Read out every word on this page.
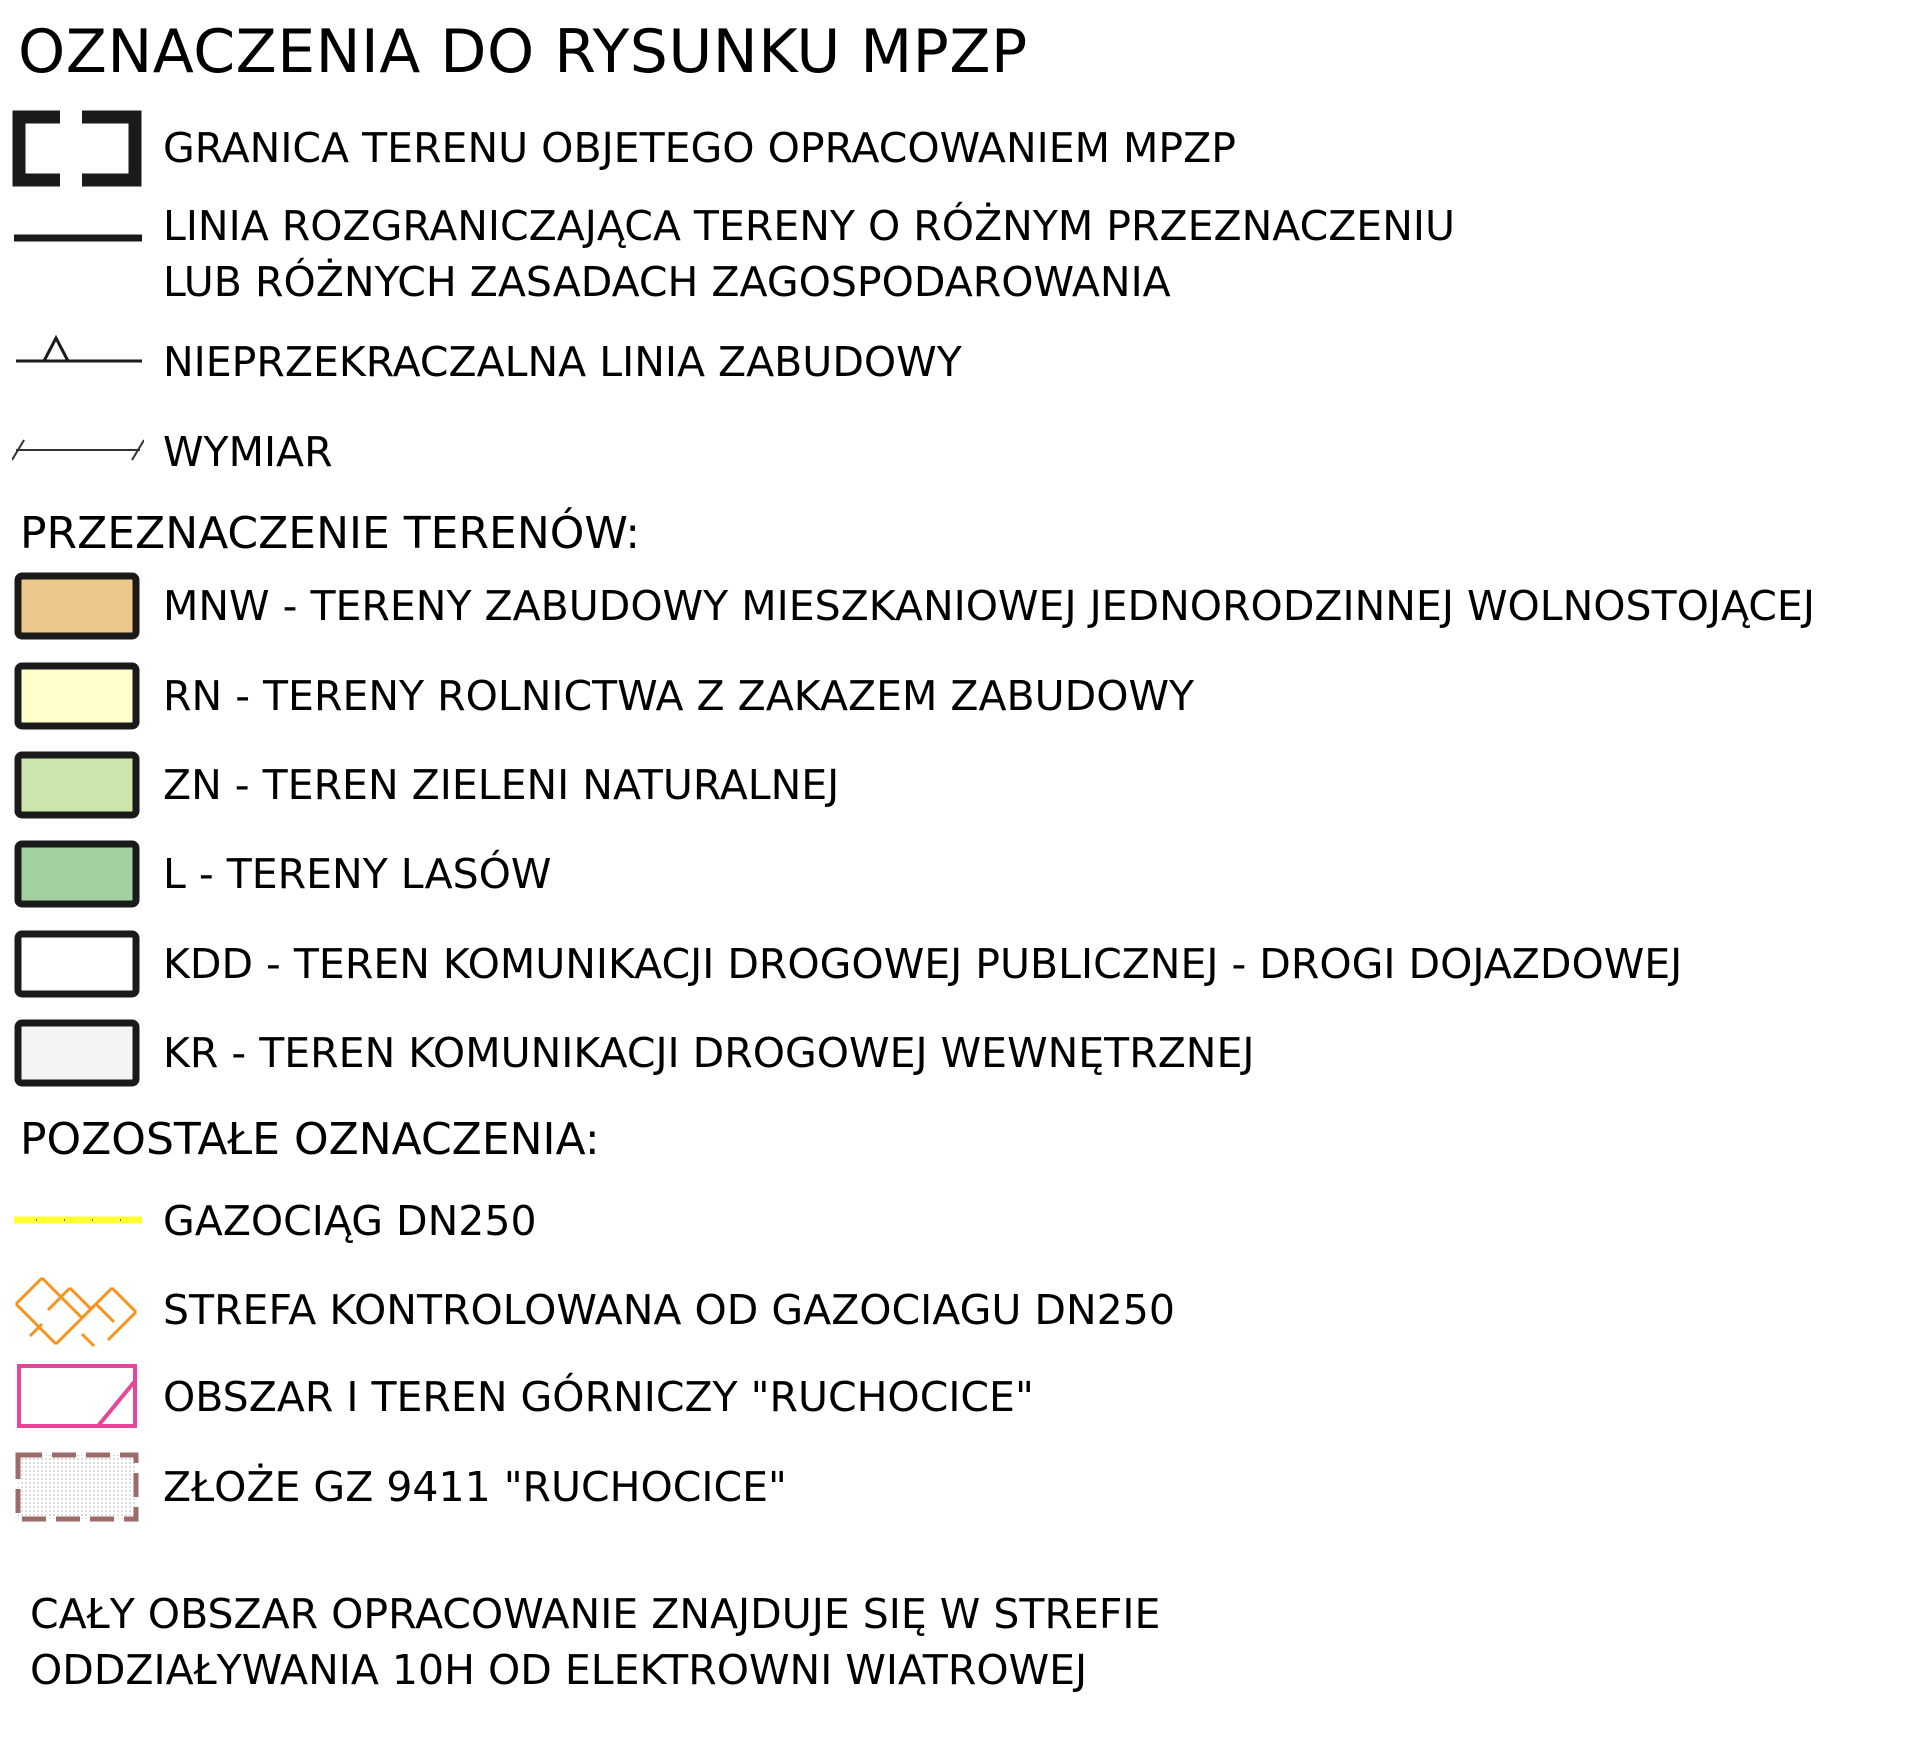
OZNACZENIA DO RYSUNKU MPZP
GRANICA TERENU OBJETEGO OPRACOWANIEM MPZP
LINIA ROZGRANICZAJĄCA TERENY O RÓŻNYM PRZEZNACZENIU
LUB RÓŻNYCH ZASADACH ZAGOSPODAROWANIA
NIEPRZEKRACZALNA LINIA ZABUDOWY
WYMIAR
PRZEZNACZENIE TERENÓW:
MNW - TERENY ZABUDOWY MIESZKANIOWEJ JEDNORODZINNEJ WOLNOSTOJĄCEJ
RN - TERENY ROLNICTWA Z ZAKAZEM ZABUDOWY
ZN - TEREN ZIELENI NATURALNEJ
L - TERENY LASÓW
KDD - TEREN KOMUNIKACJI DROGOWEJ PUBLICZNEJ - DROGI DOJAZDOWEJ
KR - TEREN KOMUNIKACJI DROGOWEJ WEWNĘTRZNEJ
POZOSTAŁE OZNACZENIA:
GAZOCIĄG DN250
STREFA KONTROLOWANA OD GAZOCIAGU DN250
OBSZAR I TEREN GÓRNICZY "RUCHOCICE"
ZŁOŻE GZ 9411 "RUCHOCICE"
CAŁY OBSZAR OPRACOWANIE ZNAJDUJE SIĘ W STREFIE
ODDZIAŁYWANIA 10H OD ELEKTROWNI WIATROWEJ
